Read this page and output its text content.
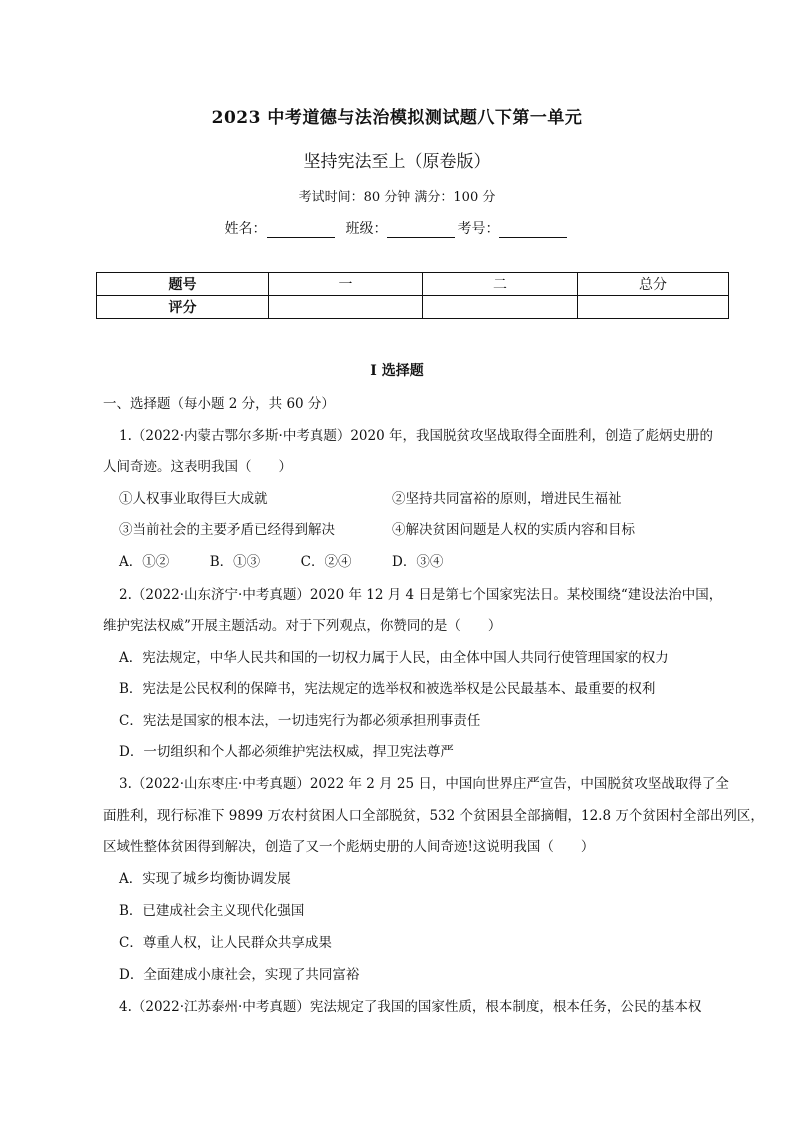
2023 中考道德与法治模拟测试题八下第一单元
坚持宪法至上（原卷版）
考试时间：80 分钟 满分：100 分
姓名：	班级：	考号：
题号	一	二	总分
评分			
I 选择题
一、选择题（每小题 2 分，共 60 分）
1.（2022·内蒙古鄂尔多斯·中考真题）2020 年，我国脱贫攻坚战取得全面胜利，创造了彪炳史册的
人间奇迹。这表明我国（　　）
①人权事业取得巨大成就	②坚持共同富裕的原则，增进民生福祉
③当前社会的主要矛盾已经得到解决	④解决贫困问题是人权的实质内容和目标
A．①②　　　B．①③　　　C．②④　　　D．③④
2.（2022·山东济宁·中考真题）2020 年 12 月 4 日是第七个国家宪法日。某校围绕“建设法治中国，
维护宪法权威”开展主题活动。对于下列观点，你赞同的是（　　）
A．宪法规定，中华人民共和国的一切权力属于人民，由全体中国人共同行使管理国家的权力
B．宪法是公民权利的保障书，宪法规定的选举权和被选举权是公民最基本、最重要的权利
C．宪法是国家的根本法，一切违宪行为都必须承担刑事责任
D．一切组织和个人都必须维护宪法权威，捍卫宪法尊严
3.（2022·山东枣庄·中考真题）2022 年 2 月 25 日，中国向世界庄严宣告，中国脱贫攻坚战取得了全
面胜利，现行标准下 9899 万农村贫困人口全部脱贫，532 个贫困县全部摘帽，12.8 万个贫困村全部出列区，
区域性整体贫困得到解决，创造了又一个彪炳史册的人间奇迹!这说明我国（　　）
A．实现了城乡均衡协调发展
B．已建成社会主义现代化强国
C．尊重人权，让人民群众共享成果
D．全面建成小康社会，实现了共同富裕
4.（2022·江苏泰州·中考真题）宪法规定了我国的国家性质，根本制度，根本任务，公民的基本权
